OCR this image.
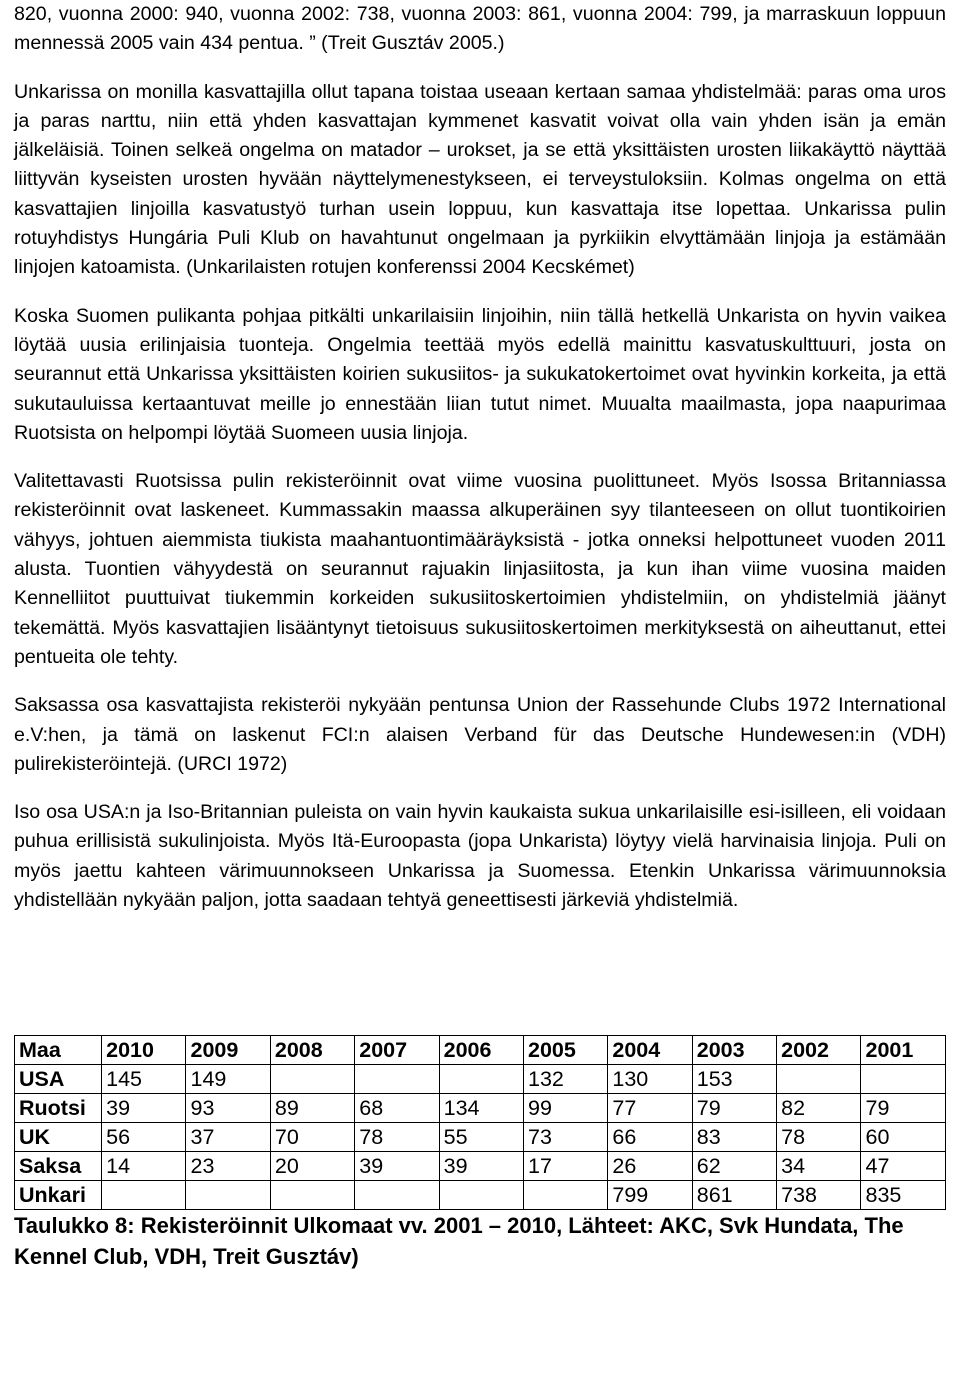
820, vuonna 2000: 940, vuonna 2002: 738, vuonna 2003: 861, vuonna 2004: 799, ja marraskuun loppuun mennessä 2005 vain 434 pentua. ” (Treit Gusztáv 2005.)

Unkarissa on monilla kasvattajilla ollut tapana toistaa useaan kertaan samaa yhdistelmää: paras oma uros ja paras narttu, niin että yhden kasvattajan kymmenet kasvatit voivat olla vain yhden isän ja emän jälkeläisiä. Toinen selkeä ongelma on matador – urokset, ja se että yksittäisten urosten liikakäyttö näyttää liittyvän kyseisten urosten hyvään näyttelymenestykseen, ei terveystuloksiin. Kolmas ongelma on että kasvattajien linjoilla kasvatustyö turhan usein loppuu, kun kasvattaja itse lopettaa. Unkarissa pulin rotuyhdistys Hungária Puli Klub on havahtunut ongelmaan ja pyrkiikin elvyttämään linjoja ja estämään linjojen katoamista. (Unkarilaisten rotujen konferenssi 2004 Kecskémet)

Koska Suomen pulikanta pohjaa pitkälti unkarilaisiin linjoihin, niin tällä hetkellä Unkarista on hyvin vaikea löytää uusia erilinjaisia tuonteja. Ongelmia teettää myös edellä mainittu kasvatuskulttuuri, josta on seurannut että Unkarissa yksittäisten koirien sukusiitos- ja sukukatokertoimet ovat hyvinkin korkeita, ja että sukutauluissa kertaantuvat meille jo ennestään liian tutut nimet. Muualta maailmasta, jopa naapurimaa Ruotsista on helpompi löytää Suomeen uusia linjoja.

Valitettavasti Ruotsissa pulin rekisteröinnit ovat viime vuosina puolittuneet. Myös Isossa Britanniassa rekisteröinnit ovat laskeneet. Kummassakin maassa alkuperäinen syy tilanteeseen on ollut tuontikoirien vähyys, johtuen aiemmista tiukista maahantuontimääräyksistä - jotka onneksi helpottuneet vuoden 2011 alusta. Tuontien vähyydestä on seurannut rajuakin linjasiitosta, ja kun ihan viime vuosina maiden Kennelliitot puuttuivat tiukemmin korkeiden sukusiitoskertoimien yhdistelmiin, on yhdistelmiä jäänyt tekemättä. Myös kasvattajien lisääntynyt tietoisuus sukusiitoskertoimen merkityksestä on aiheuttanut, ettei pentueita ole tehty.

Saksassa osa kasvattajista rekisteröi nykyään pentunsa Union der Rassehunde Clubs 1972 International e.V:hen, ja tämä on laskenut FCI:n alaisen Verband für das Deutsche Hundewesen:in (VDH) pulirekisteröintejä. (URCI 1972)

Iso osa USA:n ja Iso-Britannian puleista on vain hyvin kaukaista sukua unkarilaisille esi-isilleen, eli voidaan puhua erillisistä sukulinjoista. Myös Itä-Euroopasta (jopa Unkarista) löytyy vielä harvinaisia linjoja. Puli on myös jaettu kahteen värimuunnokseen Unkarissa ja Suomessa. Etenkin Unkarissa värimuunnoksia yhdistellään nykyään paljon, jotta saadaan tehtyä geneettisesti järkeviä yhdistelmiä.

Maa	2010	2009	2008	2007	2006	2005	2004	2003	2002	2001
USA	145	149				132	130	153		
Ruotsi	39	93	89	68	134	99	77	79	82	79
UK	56	37	70	78	55	73	66	83	78	60
Saksa	14	23	20	39	39	17	26	62	34	47
Unkari							799	861	738	835

Taulukko 8: Rekisteröinnit Ulkomaat vv. 2001 – 2010, Lähteet: AKC, Svk Hundata, The Kennel Club, VDH, Treit Gusztáv)
